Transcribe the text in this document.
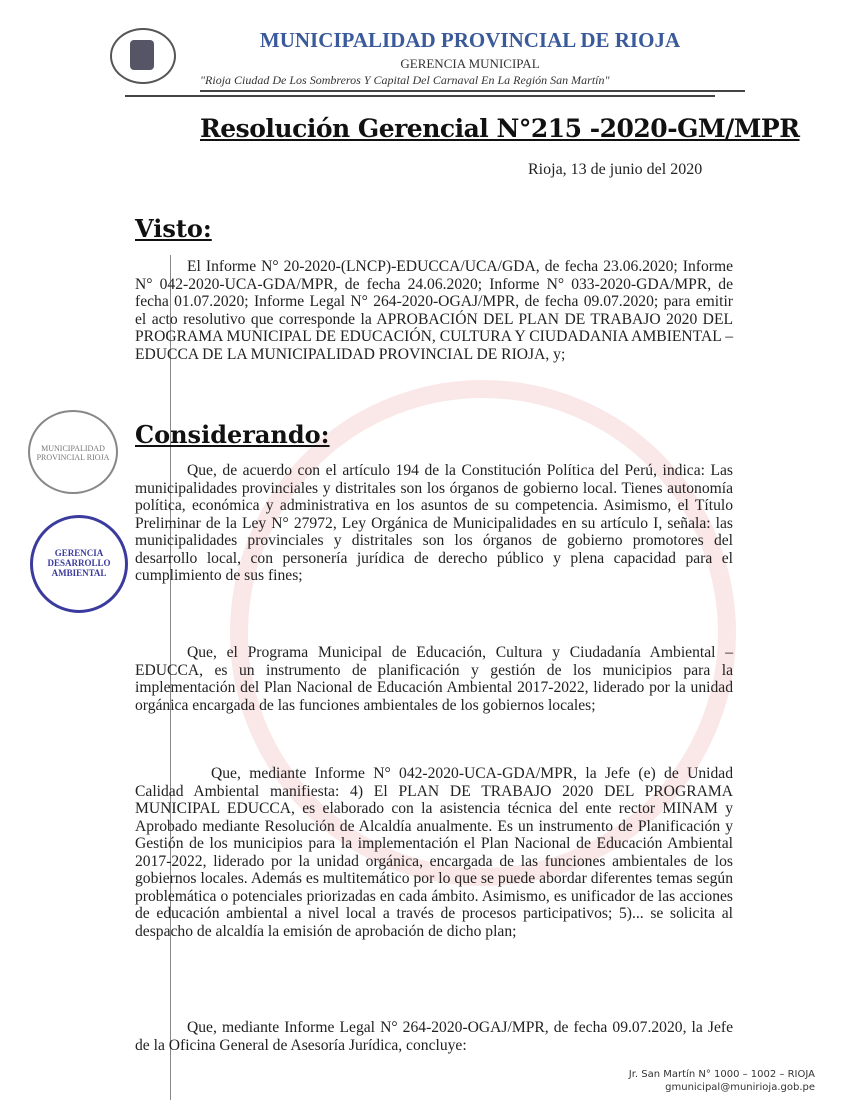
MUNICIPALIDAD PROVINCIAL DE RIOJA
GERENCIA MUNICIPAL
"Rioja Ciudad De Los Sombreros Y Capital Del Carnaval En La Región San Martín"
Resolución Gerencial N°215 -2020-GM/MPR
Rioja, 13 de junio del 2020
Visto:
El Informe N° 20-2020-(LNCP)-EDUCCA/UCA/GDA, de fecha 23.06.2020; Informe N° 042-2020-UCA-GDA/MPR, de fecha 24.06.2020; Informe N° 033-2020-GDA/MPR, de fecha 01.07.2020; Informe Legal N° 264-2020-OGAJ/MPR, de fecha 09.07.2020; para emitir el acto resolutivo que corresponde la APROBACIÓN DEL PLAN DE TRABAJO 2020 DEL PROGRAMA MUNICIPAL DE EDUCACIÓN, CULTURA Y CIUDADANIA AMBIENTAL – EDUCCA DE LA MUNICIPALIDAD PROVINCIAL DE RIOJA, y;
MUNICIPALIDAD PROVINCIAL RIOJA
GERENCIA DESARROLLO AMBIENTAL
Considerando:
Que, de acuerdo con el artículo 194 de la Constitución Política del Perú, indica: Las municipalidades provinciales y distritales son los órganos de gobierno local. Tienes autonomía política, económica y administrativa en los asuntos de su competencia. Asimismo, el Título Preliminar de la Ley N° 27972, Ley Orgánica de Municipalidades en su artículo I, señala: las municipalidades provinciales y distritales son los órganos de gobierno promotores del desarrollo local, con personería jurídica de derecho público y plena capacidad para el cumplimiento de sus fines;
Que, el Programa Municipal de Educación, Cultura y Ciudadanía Ambiental – EDUCCA, es un instrumento de planificación y gestión de los municipios para la implementación del Plan Nacional de Educación Ambiental 2017-2022, liderado por la unidad orgánica encargada de las funciones ambientales de los gobiernos locales;
Que, mediante Informe N° 042-2020-UCA-GDA/MPR, la Jefe (e) de Unidad Calidad Ambiental manifiesta: 4) El PLAN DE TRABAJO 2020 DEL PROGRAMA MUNICIPAL EDUCCA, es elaborado con la asistencia técnica del ente rector MINAM y Aprobado mediante Resolución de Alcaldía anualmente. Es un instrumento de Planificación y Gestión de los municipios para la implementación el Plan Nacional de Educación Ambiental 2017-2022, liderado por la unidad orgánica, encargada de las funciones ambientales de los gobiernos locales. Además es multitemático por lo que se puede abordar diferentes temas según problemática o potenciales priorizadas en cada ámbito. Asimismo, es unificador de las acciones de educación ambiental a nivel local a través de procesos participativos; 5)... se solicita al despacho de alcaldía la emisión de aprobación de dicho plan;
Que, mediante Informe Legal N° 264-2020-OGAJ/MPR, de fecha 09.07.2020, la Jefe de la Oficina General de Asesoría Jurídica, concluye:
Jr. San Martín N° 1000 – 1002 – RIOJA
gmunicipal@munirioja.gob.pe
